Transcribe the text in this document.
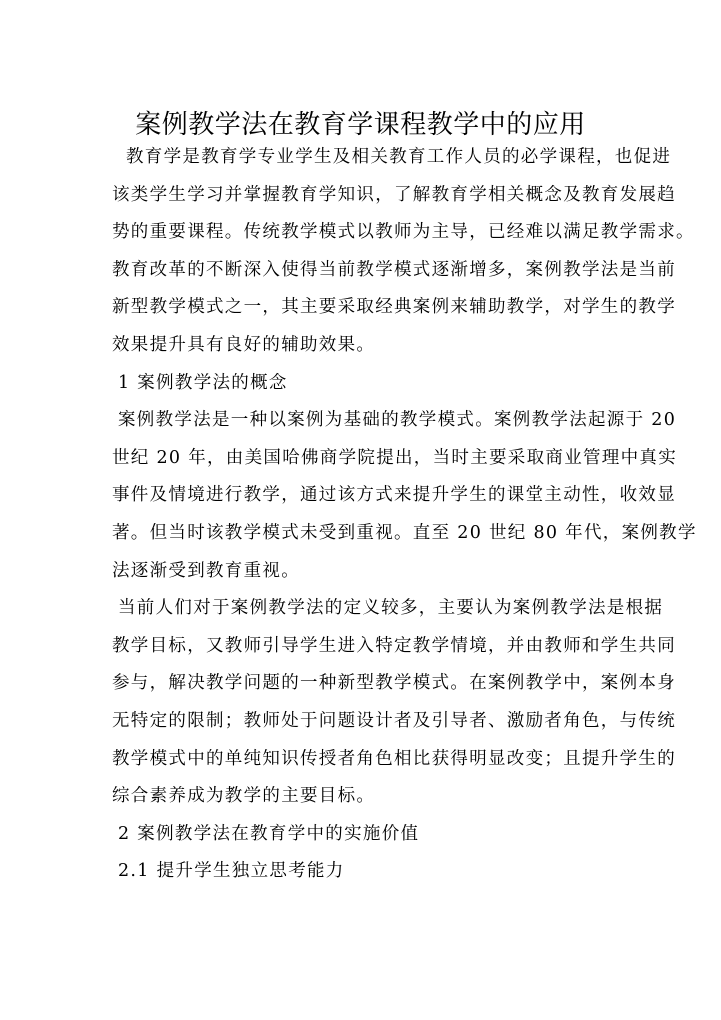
案例教学法在教育学课程教学中的应用
教育学是教育学专业学生及相关教育工作人员的必学课程，也促进
该类学生学习并掌握教育学知识，了解教育学相关概念及教育发展趋
势的重要课程。传统教学模式以教师为主导，已经难以满足教学需求。
教育改革的不断深入使得当前教学模式逐渐增多，案例教学法是当前
新型教学模式之一，其主要采取经典案例来辅助教学，对学生的教学
效果提升具有良好的辅助效果。
1 案例教学法的概念
案例教学法是一种以案例为基础的教学模式。案例教学法起源于 20
世纪 20 年，由美国哈佛商学院提出，当时主要采取商业管理中真实
事件及情境进行教学，通过该方式来提升学生的课堂主动性，收效显
著。但当时该教学模式未受到重视。直至 20 世纪 80 年代，案例教学
法逐渐受到教育重视。
当前人们对于案例教学法的定义较多，主要认为案例教学法是根据
教学目标，又教师引导学生进入特定教学情境，并由教师和学生共同
参与，解决教学问题的一种新型教学模式。在案例教学中，案例本身
无特定的限制；教师处于问题设计者及引导者、激励者角色，与传统
教学模式中的单纯知识传授者角色相比获得明显改变；且提升学生的
综合素养成为教学的主要目标。
2 案例教学法在教育学中的实施价值
2.1 提升学生独立思考能力
